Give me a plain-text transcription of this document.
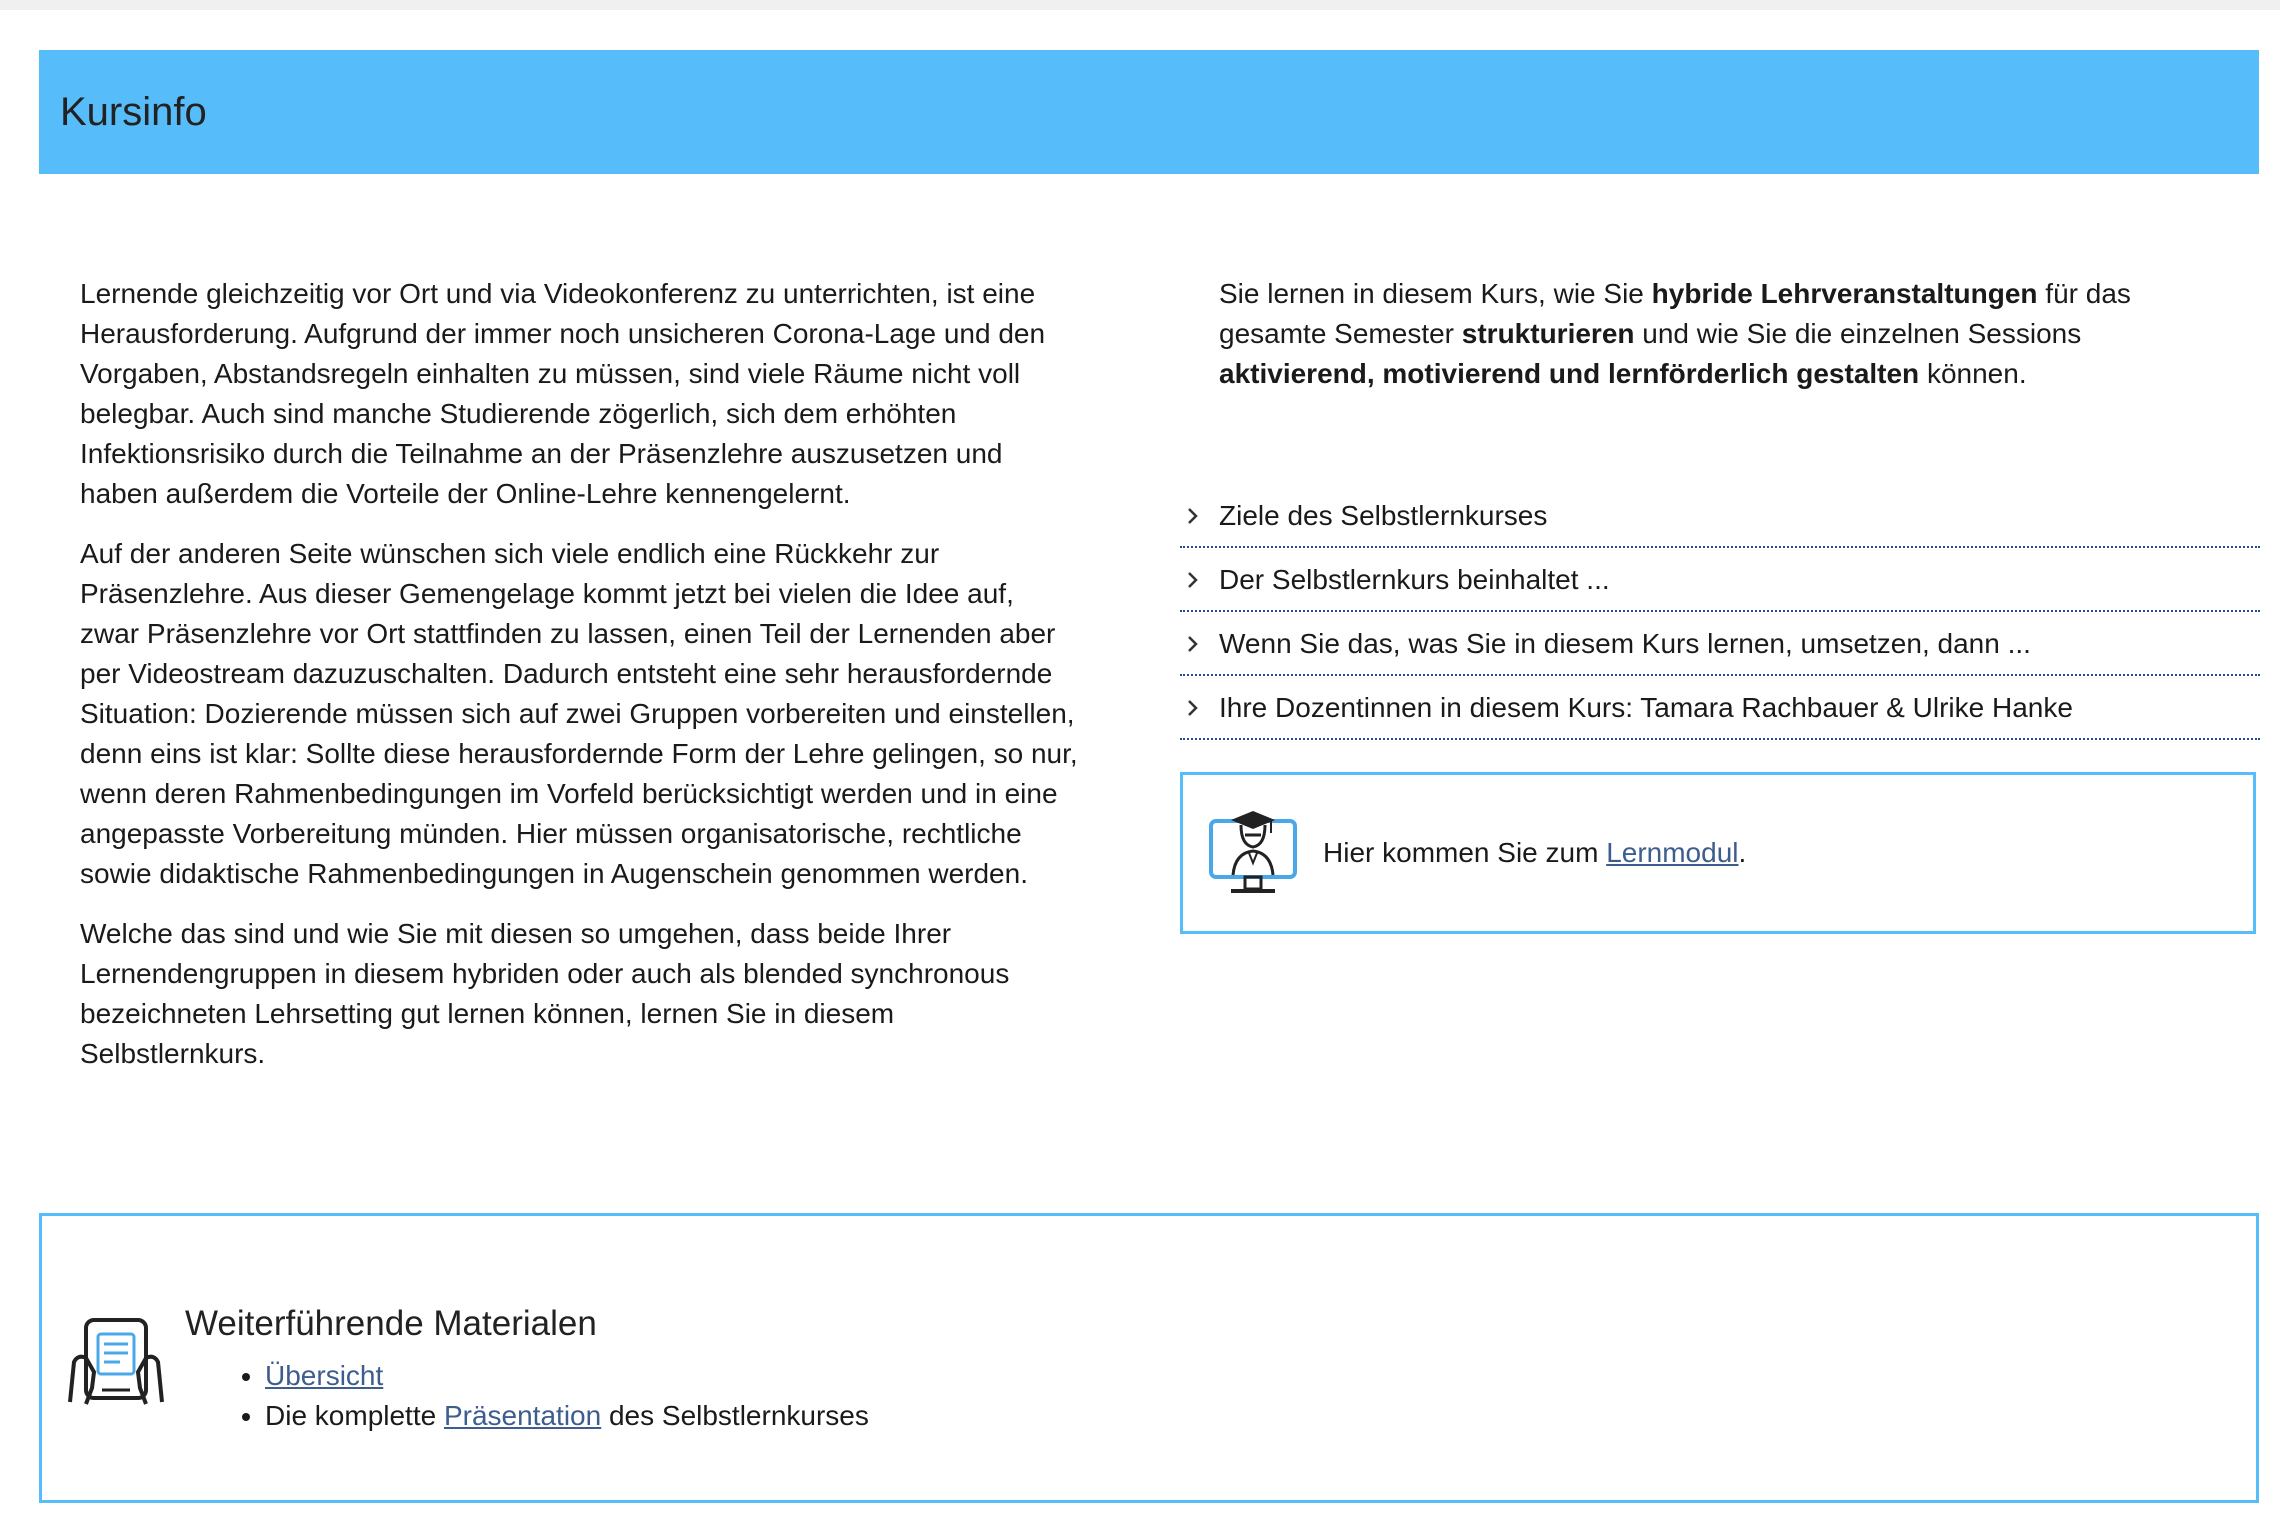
Kursinfo

Lernende gleichzeitig vor Ort und via Videokonferenz zu unterrichten, ist eine Herausforderung. Aufgrund der immer noch unsicheren Corona-Lage und den Vorgaben, Abstandsregeln einhalten zu müssen, sind viele Räume nicht voll belegbar. Auch sind manche Studierende zögerlich, sich dem erhöhten Infektionsrisiko durch die Teilnahme an der Präsenzlehre auszusetzen und haben außerdem die Vorteile der Online-Lehre kennengelernt.

Auf der anderen Seite wünschen sich viele endlich eine Rückkehr zur Präsenzlehre. Aus dieser Gemengelage kommt jetzt bei vielen die Idee auf, zwar Präsenzlehre vor Ort stattfinden zu lassen, einen Teil der Lernenden aber per Videostream dazuzuschalten. Dadurch entsteht eine sehr herausfordernde Situation: Dozierende müssen sich auf zwei Gruppen vorbereiten und einstellen, denn eins ist klar: Sollte diese herausfordernde Form der Lehre gelingen, so nur, wenn deren Rahmenbedingungen im Vorfeld berücksichtigt werden und in eine angepasste Vorbereitung münden. Hier müssen organisatorische, rechtliche sowie didaktische Rahmenbedingungen in Augenschein genommen werden.

Welche das sind und wie Sie mit diesen so umgehen, dass beide Ihrer Lernendengruppen in diesem hybriden oder auch als blended synchronous bezeichneten Lehrsetting gut lernen können, lernen Sie in diesem Selbstlernkurs.

Sie lernen in diesem Kurs, wie Sie hybride Lehrveranstaltungen für das gesamte Semester strukturieren und wie Sie die einzelnen Sessions aktivierend, motivierend und lernförderlich gestalten können.

Ziele des Selbstlernkurses
Der Selbstlernkurs beinhaltet ...
Wenn Sie das, was Sie in diesem Kurs lernen, umsetzen, dann ...
Ihre Dozentinnen in diesem Kurs: Tamara Rachbauer & Ulrike Hanke
Hier kommen Sie zum Lernmodul.
Weiterführende Materialen
• Übersicht
• Die komplette Präsentation des Selbstlernkurses
